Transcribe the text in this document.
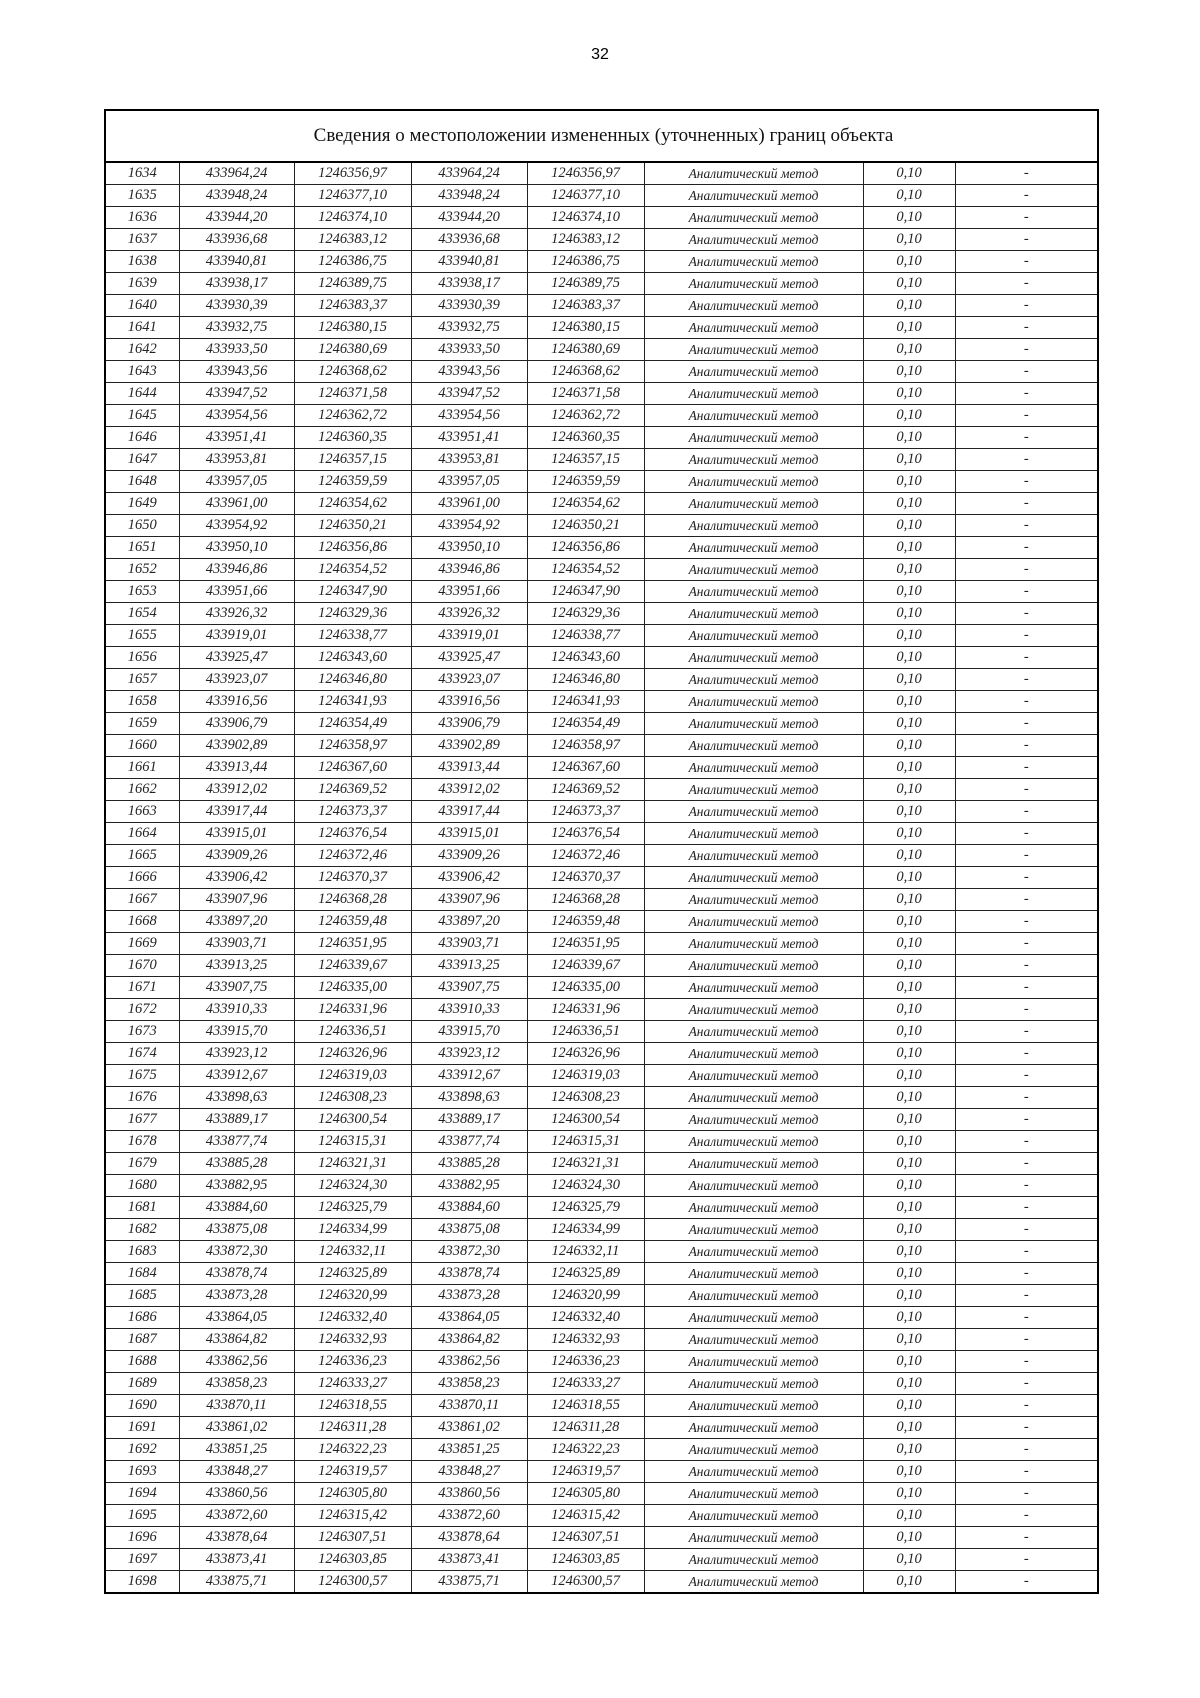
32
Сведения о местоположении измененных (уточненных) границ объекта
1634	433964,24	1246356,97	433964,24	1246356,97	Аналитический метод	0,10	-
1635	433948,24	1246377,10	433948,24	1246377,10	Аналитический метод	0,10	-
1636	433944,20	1246374,10	433944,20	1246374,10	Аналитический метод	0,10	-
1637	433936,68	1246383,12	433936,68	1246383,12	Аналитический метод	0,10	-
1638	433940,81	1246386,75	433940,81	1246386,75	Аналитический метод	0,10	-
1639	433938,17	1246389,75	433938,17	1246389,75	Аналитический метод	0,10	-
1640	433930,39	1246383,37	433930,39	1246383,37	Аналитический метод	0,10	-
1641	433932,75	1246380,15	433932,75	1246380,15	Аналитический метод	0,10	-
1642	433933,50	1246380,69	433933,50	1246380,69	Аналитический метод	0,10	-
1643	433943,56	1246368,62	433943,56	1246368,62	Аналитический метод	0,10	-
1644	433947,52	1246371,58	433947,52	1246371,58	Аналитический метод	0,10	-
1645	433954,56	1246362,72	433954,56	1246362,72	Аналитический метод	0,10	-
1646	433951,41	1246360,35	433951,41	1246360,35	Аналитический метод	0,10	-
1647	433953,81	1246357,15	433953,81	1246357,15	Аналитический метод	0,10	-
1648	433957,05	1246359,59	433957,05	1246359,59	Аналитический метод	0,10	-
1649	433961,00	1246354,62	433961,00	1246354,62	Аналитический метод	0,10	-
1650	433954,92	1246350,21	433954,92	1246350,21	Аналитический метод	0,10	-
1651	433950,10	1246356,86	433950,10	1246356,86	Аналитический метод	0,10	-
1652	433946,86	1246354,52	433946,86	1246354,52	Аналитический метод	0,10	-
1653	433951,66	1246347,90	433951,66	1246347,90	Аналитический метод	0,10	-
1654	433926,32	1246329,36	433926,32	1246329,36	Аналитический метод	0,10	-
1655	433919,01	1246338,77	433919,01	1246338,77	Аналитический метод	0,10	-
1656	433925,47	1246343,60	433925,47	1246343,60	Аналитический метод	0,10	-
1657	433923,07	1246346,80	433923,07	1246346,80	Аналитический метод	0,10	-
1658	433916,56	1246341,93	433916,56	1246341,93	Аналитический метод	0,10	-
1659	433906,79	1246354,49	433906,79	1246354,49	Аналитический метод	0,10	-
1660	433902,89	1246358,97	433902,89	1246358,97	Аналитический метод	0,10	-
1661	433913,44	1246367,60	433913,44	1246367,60	Аналитический метод	0,10	-
1662	433912,02	1246369,52	433912,02	1246369,52	Аналитический метод	0,10	-
1663	433917,44	1246373,37	433917,44	1246373,37	Аналитический метод	0,10	-
1664	433915,01	1246376,54	433915,01	1246376,54	Аналитический метод	0,10	-
1665	433909,26	1246372,46	433909,26	1246372,46	Аналитический метод	0,10	-
1666	433906,42	1246370,37	433906,42	1246370,37	Аналитический метод	0,10	-
1667	433907,96	1246368,28	433907,96	1246368,28	Аналитический метод	0,10	-
1668	433897,20	1246359,48	433897,20	1246359,48	Аналитический метод	0,10	-
1669	433903,71	1246351,95	433903,71	1246351,95	Аналитический метод	0,10	-
1670	433913,25	1246339,67	433913,25	1246339,67	Аналитический метод	0,10	-
1671	433907,75	1246335,00	433907,75	1246335,00	Аналитический метод	0,10	-
1672	433910,33	1246331,96	433910,33	1246331,96	Аналитический метод	0,10	-
1673	433915,70	1246336,51	433915,70	1246336,51	Аналитический метод	0,10	-
1674	433923,12	1246326,96	433923,12	1246326,96	Аналитический метод	0,10	-
1675	433912,67	1246319,03	433912,67	1246319,03	Аналитический метод	0,10	-
1676	433898,63	1246308,23	433898,63	1246308,23	Аналитический метод	0,10	-
1677	433889,17	1246300,54	433889,17	1246300,54	Аналитический метод	0,10	-
1678	433877,74	1246315,31	433877,74	1246315,31	Аналитический метод	0,10	-
1679	433885,28	1246321,31	433885,28	1246321,31	Аналитический метод	0,10	-
1680	433882,95	1246324,30	433882,95	1246324,30	Аналитический метод	0,10	-
1681	433884,60	1246325,79	433884,60	1246325,79	Аналитический метод	0,10	-
1682	433875,08	1246334,99	433875,08	1246334,99	Аналитический метод	0,10	-
1683	433872,30	1246332,11	433872,30	1246332,11	Аналитический метод	0,10	-
1684	433878,74	1246325,89	433878,74	1246325,89	Аналитический метод	0,10	-
1685	433873,28	1246320,99	433873,28	1246320,99	Аналитический метод	0,10	-
1686	433864,05	1246332,40	433864,05	1246332,40	Аналитический метод	0,10	-
1687	433864,82	1246332,93	433864,82	1246332,93	Аналитический метод	0,10	-
1688	433862,56	1246336,23	433862,56	1246336,23	Аналитический метод	0,10	-
1689	433858,23	1246333,27	433858,23	1246333,27	Аналитический метод	0,10	-
1690	433870,11	1246318,55	433870,11	1246318,55	Аналитический метод	0,10	-
1691	433861,02	1246311,28	433861,02	1246311,28	Аналитический метод	0,10	-
1692	433851,25	1246322,23	433851,25	1246322,23	Аналитический метод	0,10	-
1693	433848,27	1246319,57	433848,27	1246319,57	Аналитический метод	0,10	-
1694	433860,56	1246305,80	433860,56	1246305,80	Аналитический метод	0,10	-
1695	433872,60	1246315,42	433872,60	1246315,42	Аналитический метод	0,10	-
1696	433878,64	1246307,51	433878,64	1246307,51	Аналитический метод	0,10	-
1697	433873,41	1246303,85	433873,41	1246303,85	Аналитический метод	0,10	-
1698	433875,71	1246300,57	433875,71	1246300,57	Аналитический метод	0,10	-
